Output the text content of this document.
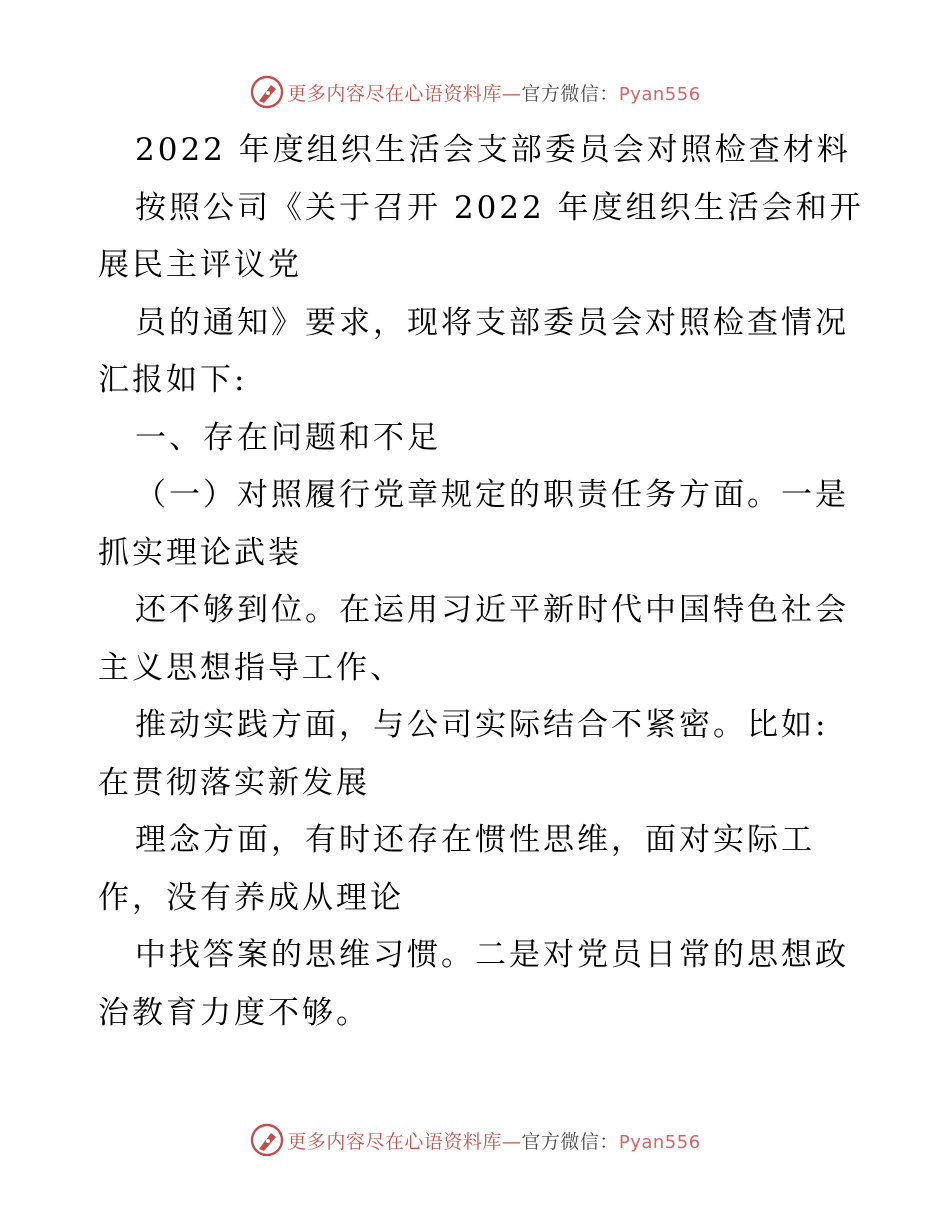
更多内容尽在心语资料库—官方微信：Pyan556

2022 年度组织生活会支部委员会对照检查材料

按照公司《关于召开 2022 年度组织生活会和开

展民主评议党

员的通知》要求，现将支部委员会对照检查情况

汇报如下:

一、存在问题和不足

（一）对照履行党章规定的职责任务方面。一是

抓实理论武装

还不够到位。在运用习近平新时代中国特色社会

主义思想指导工作、

推动实践方面，与公司实际结合不紧密。比如:

在贯彻落实新发展

理念方面，有时还存在惯性思维，面对实际工

作，没有养成从理论

中找答案的思维习惯。二是对党员日常的思想政

治教育力度不够。

更多内容尽在心语资料库—官方微信：Pyan556
